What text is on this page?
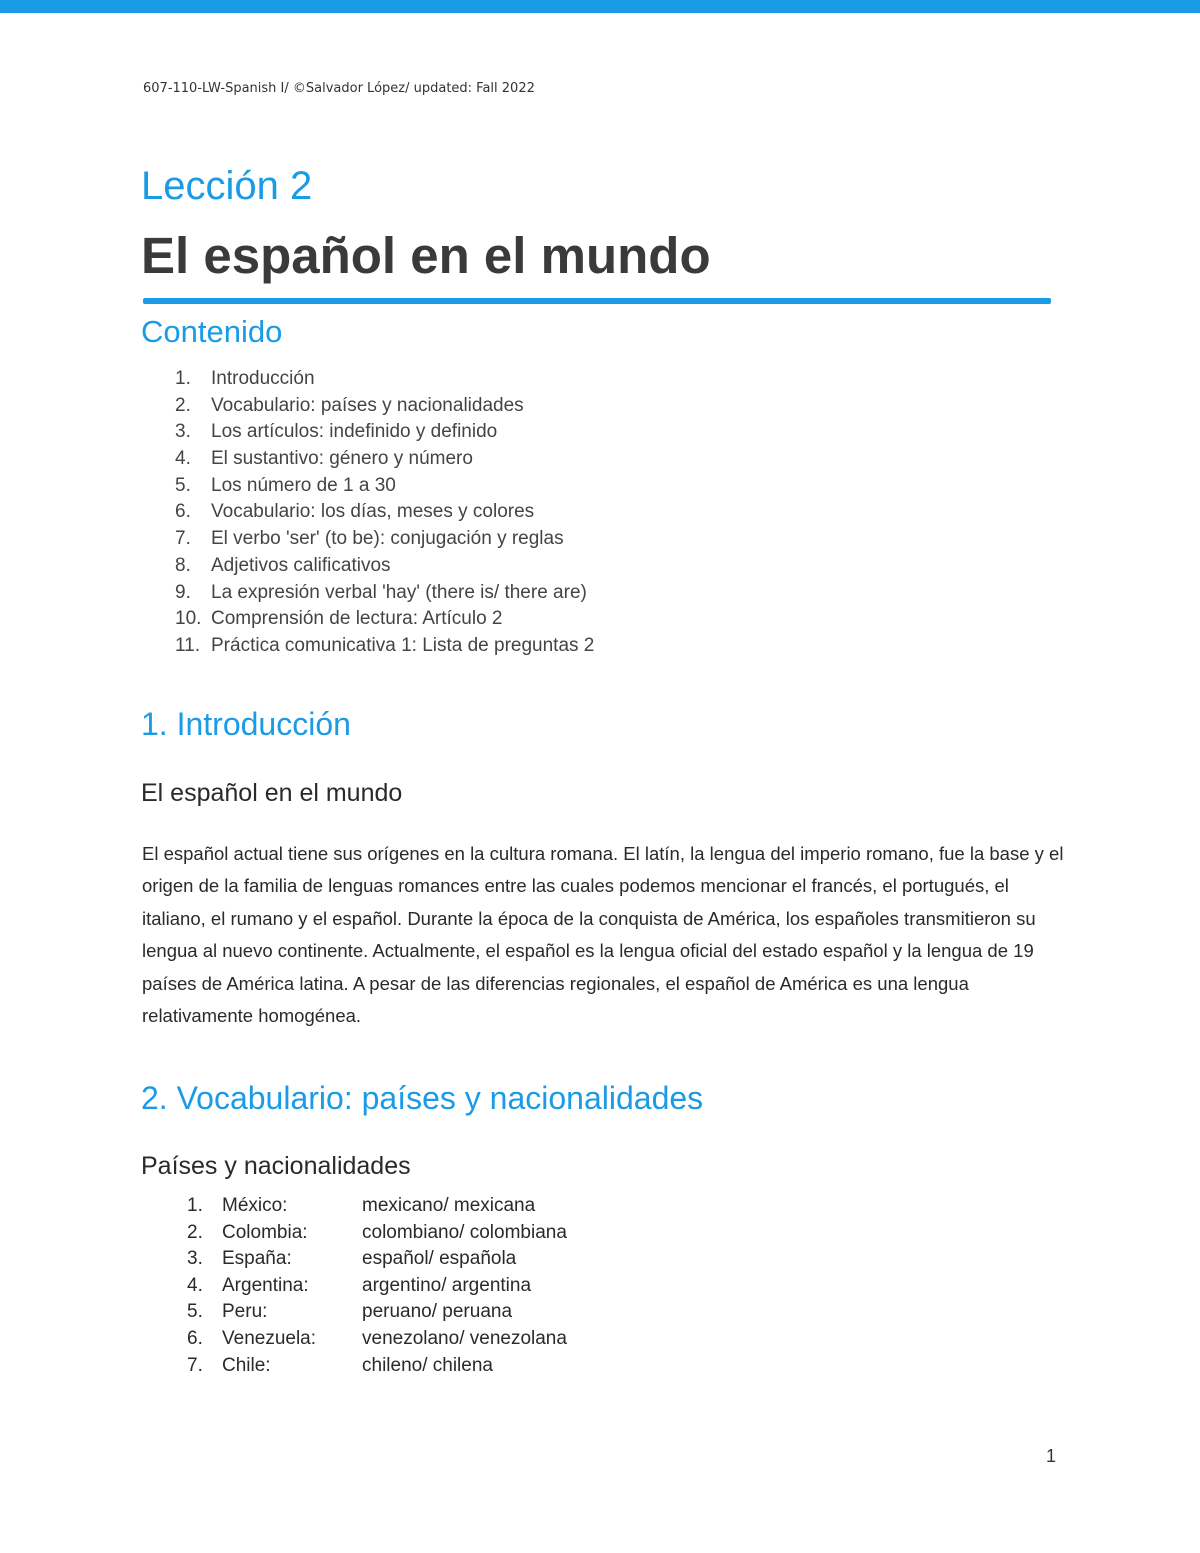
607-110-LW-Spanish I/ ©Salvador López/ updated: Fall 2022
Lección 2
El español en el mundo
Contenido
1.	Introducción
2.	Vocabulario: países y nacionalidades
3.	Los artículos: indefinido y definido
4.	El sustantivo: género y número
5.	Los número de 1 a 30
6.	Vocabulario: los días, meses y colores
7.	El verbo 'ser' (to be): conjugación y reglas
8.	Adjetivos calificativos
9.	La expresión verbal 'hay' (there is/ there are)
10. Comprensión de lectura: Artículo 2
11. Práctica comunicativa 1: Lista de preguntas 2
1. Introducción
El español en el mundo

El español actual tiene sus orígenes en la cultura romana. El latín, la lengua del imperio romano, fue la base y el origen de la familia de lenguas romances entre las cuales podemos mencionar el francés, el portugués, el italiano, el rumano y el español. Durante la época de la conquista de América, los españoles transmitieron su lengua al nuevo continente. Actualmente, el español es la lengua oficial del estado español y la lengua de 19 países de América latina. A pesar de las diferencias regionales, el español de América es una lengua relativamente homogénea.

2. Vocabulario: países y nacionalidades
Países y nacionalidades
1. México:	mexicano/ mexicana
2. Colombia:	colombiano/ colombiana
3. España:	español/ española
4. Argentina:	argentino/ argentina
5. Peru:	peruano/ peruana
6. Venezuela: venezolano/ venezolana
7. Chile:	chileno/ chilena
1
